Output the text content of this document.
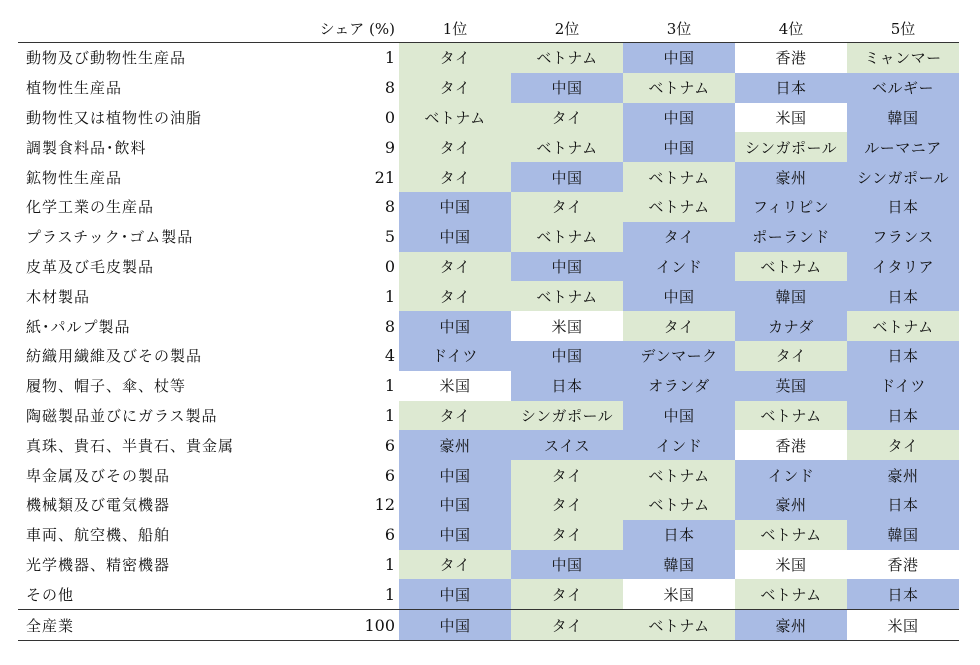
	シェア (%)	1位	2位	3位	4位	5位
動物及び動物性生産品	1	タイ	ベトナム	中国	香港	ミャンマー
植物性生産品	8	タイ	中国	ベトナム	日本	ベルギー
動物性又は植物性の油脂	0	ベトナム	タイ	中国	米国	韓国
調製食料品･飲料	9	タイ	ベトナム	中国	シンガポール	ルーマニア
鉱物性生産品	21	タイ	中国	ベトナム	豪州	シンガポール
化学工業の生産品	8	中国	タイ	ベトナム	フィリピン	日本
プラスチック･ゴム製品	5	中国	ベトナム	タイ	ポーランド	フランス
皮革及び毛皮製品	0	タイ	中国	インド	ベトナム	イタリア
木材製品	1	タイ	ベトナム	中国	韓国	日本
紙･パルプ製品	8	中国	米国	タイ	カナダ	ベトナム
紡織用繊維及びその製品	4	ドイツ	中国	デンマーク	タイ	日本
履物、帽子、傘、杖等	1	米国	日本	オランダ	英国	ドイツ
陶磁製品並びにガラス製品	1	タイ	シンガポール	中国	ベトナム	日本
真珠、貴石、半貴石、貴金属	6	豪州	スイス	インド	香港	タイ
卑金属及びその製品	6	中国	タイ	ベトナム	インド	豪州
機械類及び電気機器	12	中国	タイ	ベトナム	豪州	日本
車両、航空機、船舶	6	中国	タイ	日本	ベトナム	韓国
光学機器、精密機器	1	タイ	中国	韓国	米国	香港
その他	1	中国	タイ	米国	ベトナム	日本
全産業	100	中国	タイ	ベトナム	豪州	米国
